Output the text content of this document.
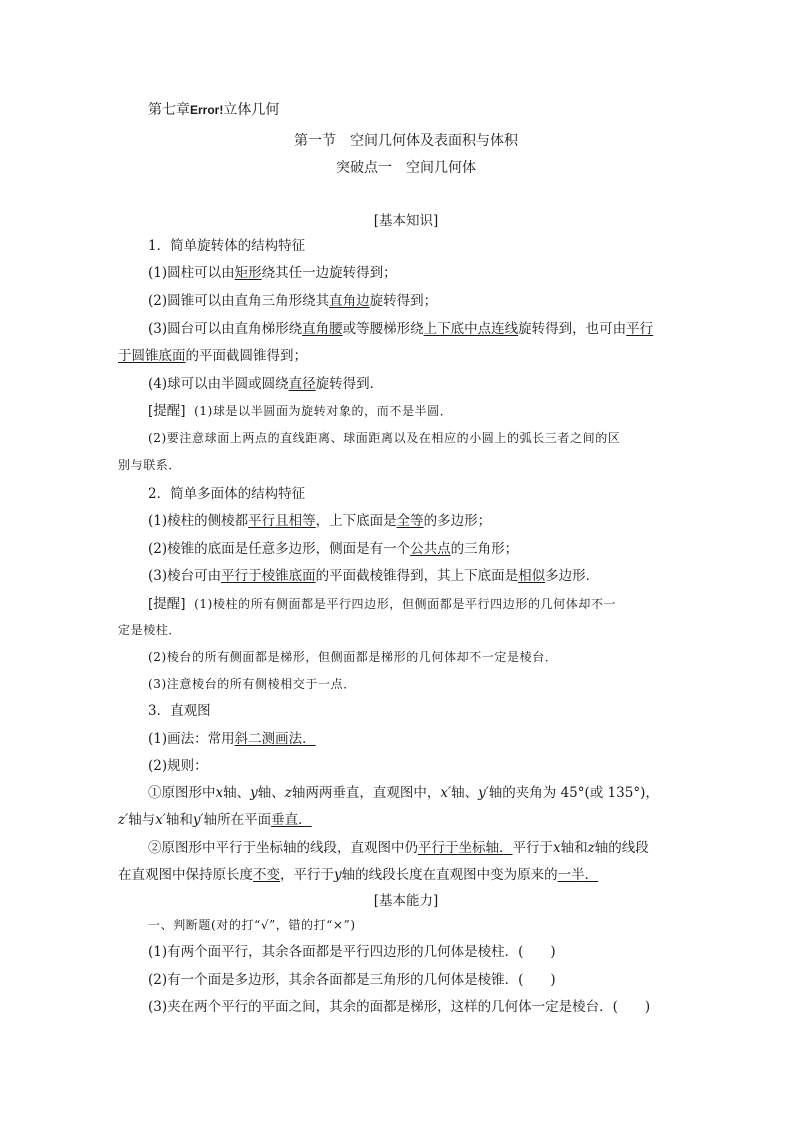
第七章Error!立体几何
第一节　空间几何体及表面积与体积
突破点一　空间几何体
[基本知识]
1．简单旋转体的结构特征
(1)圆柱可以由矩形绕其任一边旋转得到；
(2)圆锥可以由直角三角形绕其直角边旋转得到；
(3)圆台可以由直角梯形绕直角腰或等腰梯形绕上下底中点连线旋转得到，也可由平行
于圆锥底面的平面截圆锥得到；
(4)球可以由半圆或圆绕直径旋转得到．
[提醒] (1)球是以半圆面为旋转对象的，而不是半圆．
(2)要注意球面上两点的直线距离、球面距离以及在相应的小圆上的弧长三者之间的区
别与联系．
2．简单多面体的结构特征
(1)棱柱的侧棱都平行且相等，上下底面是全等的多边形；
(2)棱锥的底面是任意多边形，侧面是有一个公共点的三角形；
(3)棱台可由平行于棱锥底面的平面截棱锥得到，其上下底面是相似多边形．
[提醒] (1)棱柱的所有侧面都是平行四边形，但侧面都是平行四边形的几何体却不一
定是棱柱．
(2)棱台的所有侧面都是梯形，但侧面都是梯形的几何体却不一定是棱台．
(3)注意棱台的所有侧棱相交于一点．
3．直观图
(1)画法：常用斜二测画法．
(2)规则：
①原图形中x轴、y轴、z轴两两垂直，直观图中，x′轴、y′轴的夹角为 45°(或 135°)，
z′轴与x′轴和y′轴所在平面垂直．
②原图形中平行于坐标轴的线段，直观图中仍平行于坐标轴．平行于x轴和z轴的线段
在直观图中保持原长度不变，平行于y轴的线段长度在直观图中变为原来的一半．
[基本能力]
一、判断题(对的打“√”，错的打“×”)
(1)有两个面平行，其余各面都是平行四边形的几何体是棱柱．(　　)
(2)有一个面是多边形，其余各面都是三角形的几何体是棱锥．(　　)
(3)夹在两个平行的平面之间，其余的面都是梯形，这样的几何体一定是棱台．(　　)
